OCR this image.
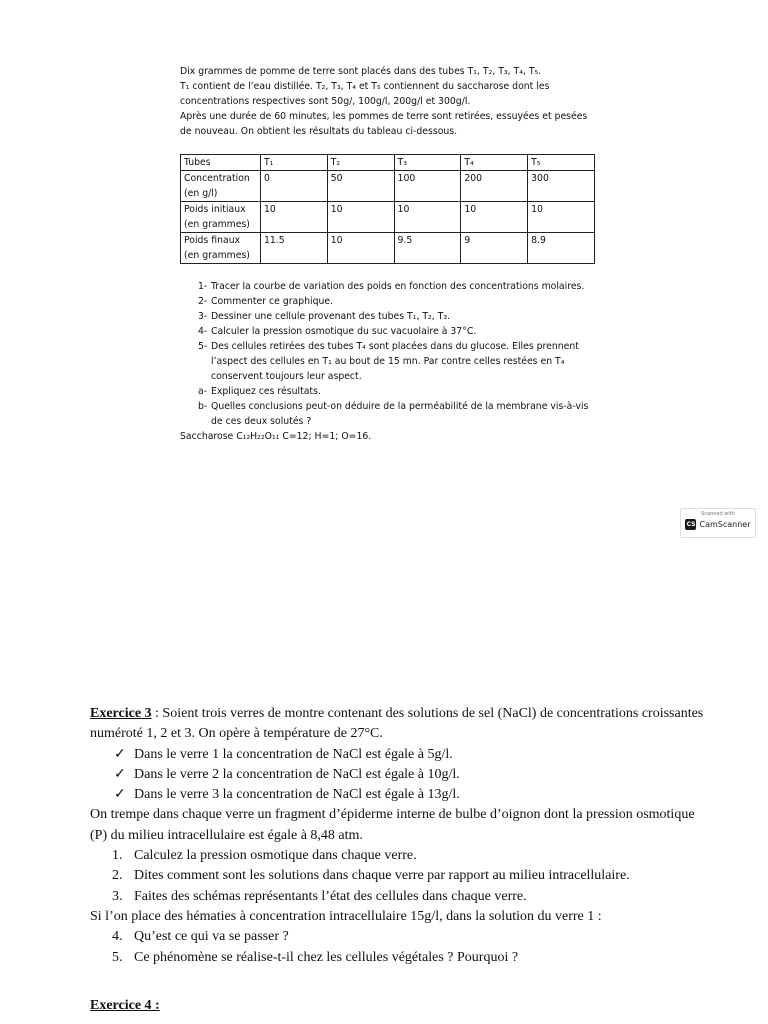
Dix grammes de pomme de terre sont placés dans des tubes T₁, T₂, T₃, T₄, T₅.

T₁ contient de l’eau distillée. T₂, T₃, T₄ et T₅ contiennent du saccharose dont les concentrations respectives sont 50g/, 100g/l, 200g/l et 300g/l.

Après une durée de 60 minutes, les pommes de terre sont retirées, essuyées et pesées de nouveau. On obtient les résultats du tableau ci-dessous.

Tubes	T₁	T₂	T₃	T₄	T₅
Concentration
(en g/l)	0	50	100	200	300
Poids initiaux
(en grammes)	10	10	10	10	10
Poids finaux
(en grammes)	11.5	10	9.5	9	8.9
1- Tracer la courbe de variation des poids en fonction des concentrations molaires.
2- Commenter ce graphique.
3- Dessiner une cellule provenant des tubes T₁, T₂, T₃.
4- Calculer la pression osmotique du suc vacuolaire à 37°C.
5- Des cellules retirées des tubes T₄ sont placées dans du glucose. Elles prennent l’aspect des cellules en T₁ au bout de 15 mn. Par contre celles restées en T₄ conservent toujours leur aspect.
a- Expliquez ces résultats.
b- Quelles conclusions peut-on déduire de la perméabilité de la membrane vis-à-vis de ces deux solutés ?

Saccharose C₁₂H₂₂O₁₁ C=12; H=1; O=16.

Scanned with
CS CamScanner

Exercice 3 : Soient trois verres de montre contenant des solutions de sel (NaCl) de concentrations croissantes numéroté 1, 2 et 3. On opère à température de 27°C.

✓ Dans le verre 1 la concentration de NaCl est égale à 5g/l.
✓ Dans le verre 2 la concentration de NaCl est égale à 10g/l.
✓ Dans le verre 3 la concentration de NaCl est égale à 13g/l.

On trempe dans chaque verre un fragment d’épiderme interne de bulbe d’oignon dont la pression osmotique (P) du milieu intracellulaire est égale à 8,48 atm.

1. Calculez la pression osmotique dans chaque verre.
2. Dites comment sont les solutions dans chaque verre par rapport au milieu intracellulaire.
3. Faites des schémas représentants l’état des cellules dans chaque verre.

Si l’on place des hématies à concentration intracellulaire 15g/l, dans la solution du verre 1 :

4. Qu’est ce qui va se passer ?
5. Ce phénomène se réalise-t-il chez les cellules végétales ? Pourquoi ?
Exercice 4 :
